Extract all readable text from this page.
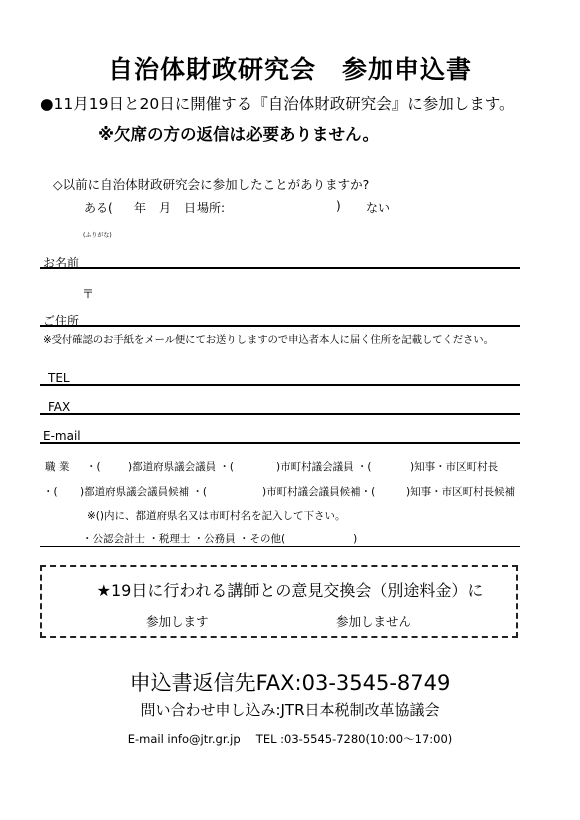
自治体財政研究会　参加申込書
●11月19日と20日に開催する『自治体財政研究会』に参加します。
※欠席の方の返信は必要ありません。
◇以前に自治体財政研究会に参加したことがありますか?
ある( 年 月 日 場所:	) ない
(ふりがな)
お名前
〒
ご住所
※受付確認のお手紙をメール便にてお送りしますので申込者本人に届く住所を記載してください。
TEL
FAX
E-mail
職 業 ・(	)都道府県議会議員 ・(	)市町村議会議員 ・(	)知事・市区町村長
・( )都道府県議会議員候補 ・(	)市町村議会議員候補・(	)知事・市区町村長候補
※()内に、都道府県名又は市町村名を記入して下さい。
・公認会計士 ・税理士 ・公務員 ・その他(	)
★19日に行われる講師との意見交換会（別途料金）に
参加します	参加しません
申込書返信先FAX:03-3545-8749
問い合わせ申し込み:JTR日本税制改革協議会
E-mail info@jtr.gr.jp　 TEL :03-5545-7280(10:00〜17:00)
